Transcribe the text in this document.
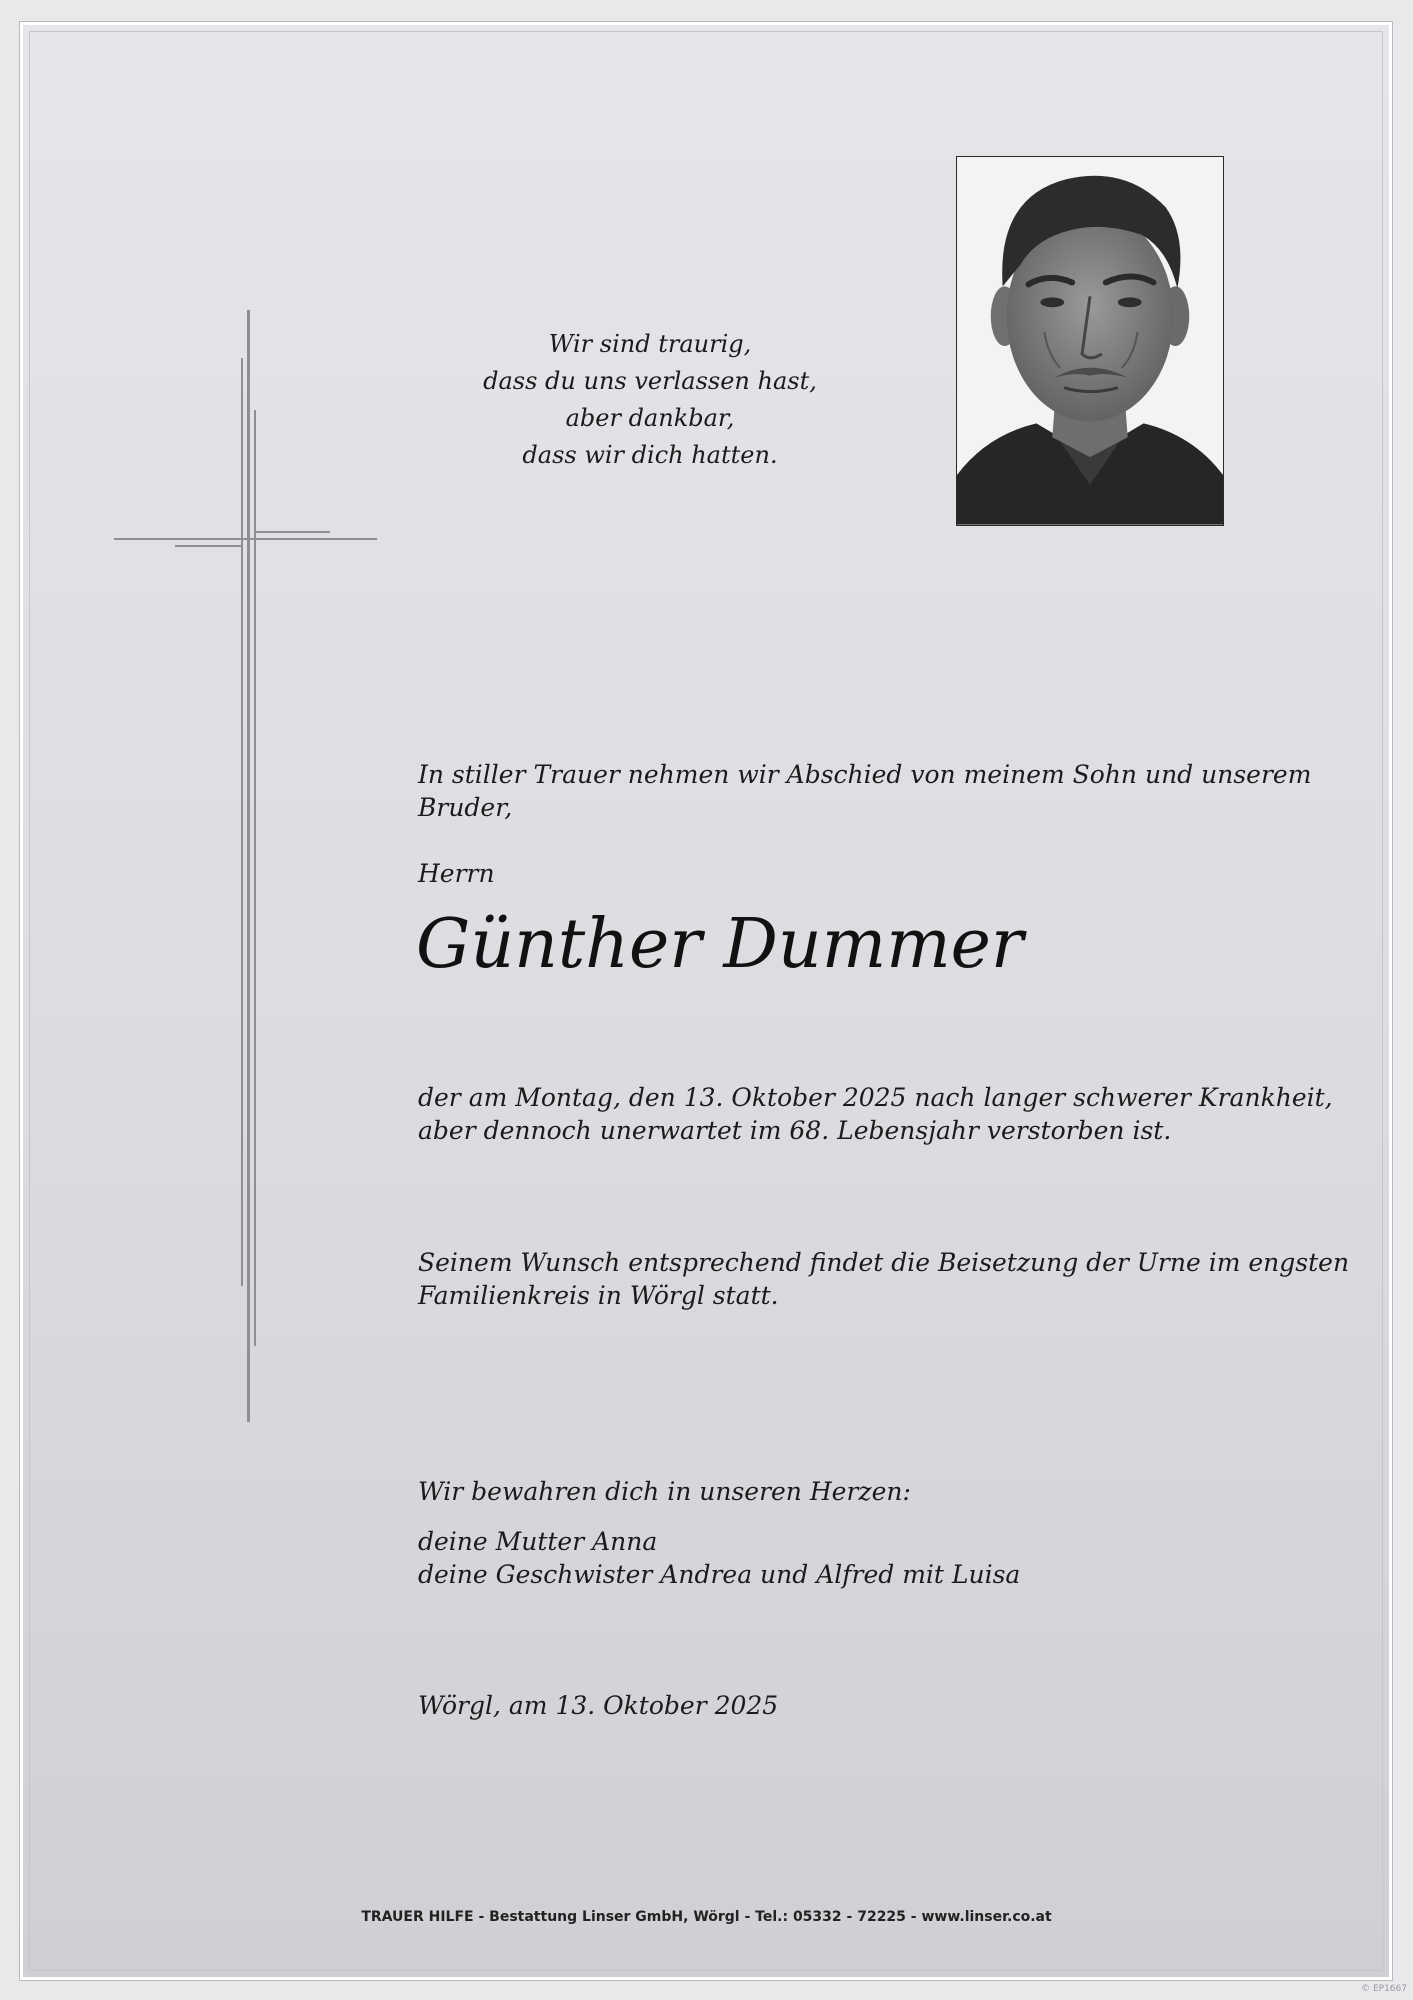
Wir sind traurig,
dass du uns verlassen hast,
aber dankbar,
dass wir dich hatten.
In stiller Trauer nehmen wir Abschied von meinem Sohn und unserem
Bruder,
Herrn
Günther Dummer
der am Montag, den 13. Oktober 2025 nach langer schwerer Krankheit,
aber dennoch unerwartet im 68. Lebensjahr verstorben ist.
Seinem Wunsch entsprechend findet die Beisetzung der Urne im engsten
Familienkreis in Wörgl statt.
Wir bewahren dich in unseren Herzen:
deine Mutter Anna
deine Geschwister Andrea und Alfred mit Luisa
Wörgl, am 13. Oktober 2025
TRAUER HILFE - Bestattung Linser GmbH, Wörgl - Tel.: 05332 - 72225 - www.linser.co.at
© EP1667
